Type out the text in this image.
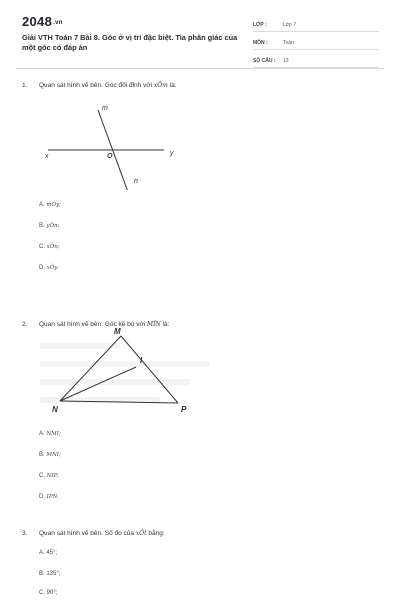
2048.vn
Giải VTH Toán 7 Bài 8. Góc ở vị trí đặc biệt. Tia phân giác của một góc có đáp án
LỚP :	Lớp 7
MÔN :	Toán
SỐ CÂU :	13
1.	Quan sát hình vẽ bên. Góc đối đỉnh với xÔm là:
m
x	O	y
n
A. mÔy;
B. yÔn;
C. xÔn;
D. xÔy.
2.	Quan sát hình vẽ bên. Góc kề bù với MÎN là:
M
I
N	P
A. NMI;
B. MNI;
C. NIP;
D. IPN.
3.	Quan sát hình vẽ bên. Số đo của xÔt bằng:
A. 45°;
B. 135°;
C. 90°;
